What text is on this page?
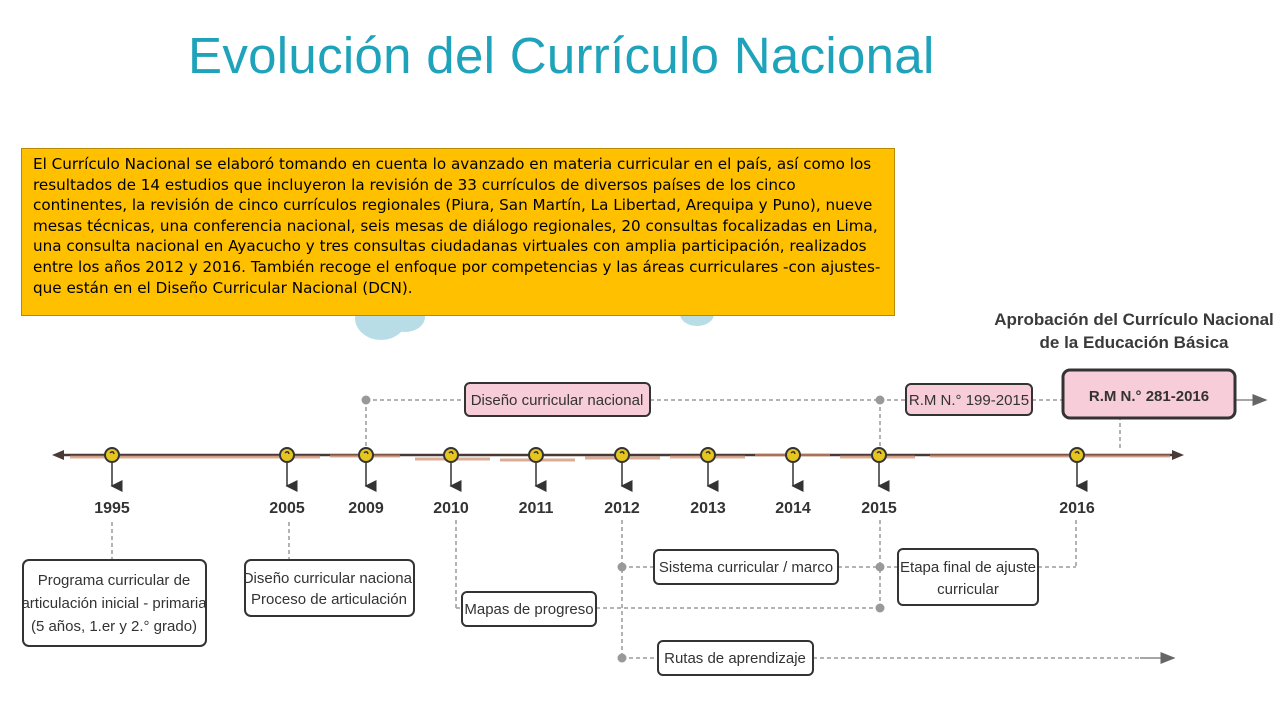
Evolución del Currículo Nacional
El Currículo Nacional se elaboró tomando en cuenta lo avanzado en materia curricular en el país, así como los resultados de 14 estudios que incluyeron la revisión de 33 currículos de diversos países de los cinco continentes, la revisión de cinco currículos regionales (Piura, San Martín, La Libertad, Arequipa y Puno), nueve mesas técnicas, una conferencia nacional, seis mesas de diálogo regionales, 20 consultas focalizadas en Lima, una consulta nacional en Ayacucho y tres consultas ciudadanas virtuales con amplia participación, realizados entre los años 2012 y 2016. También recoge el enfoque por competencias y las áreas curriculares -con ajustes- que están en el Diseño Curricular Nacional (DCN).
Aprobación del Currículo Nacional
de la Educación Básica
Diseño curricular nacional	R.M N.° 199-2015	R.M N.° 281-2016
1995	2005	2009	2010	2011	2012	2013	2014	2015	2016
Programa curricular de
articulación inicial - primaria
(5 años, 1.er y 2.° grado)
Diseño curricular nacional
Proceso de articulación
Mapas de progreso
Sistema curricular / marco	Etapa final de ajuste
curricular
Rutas de aprendizaje
